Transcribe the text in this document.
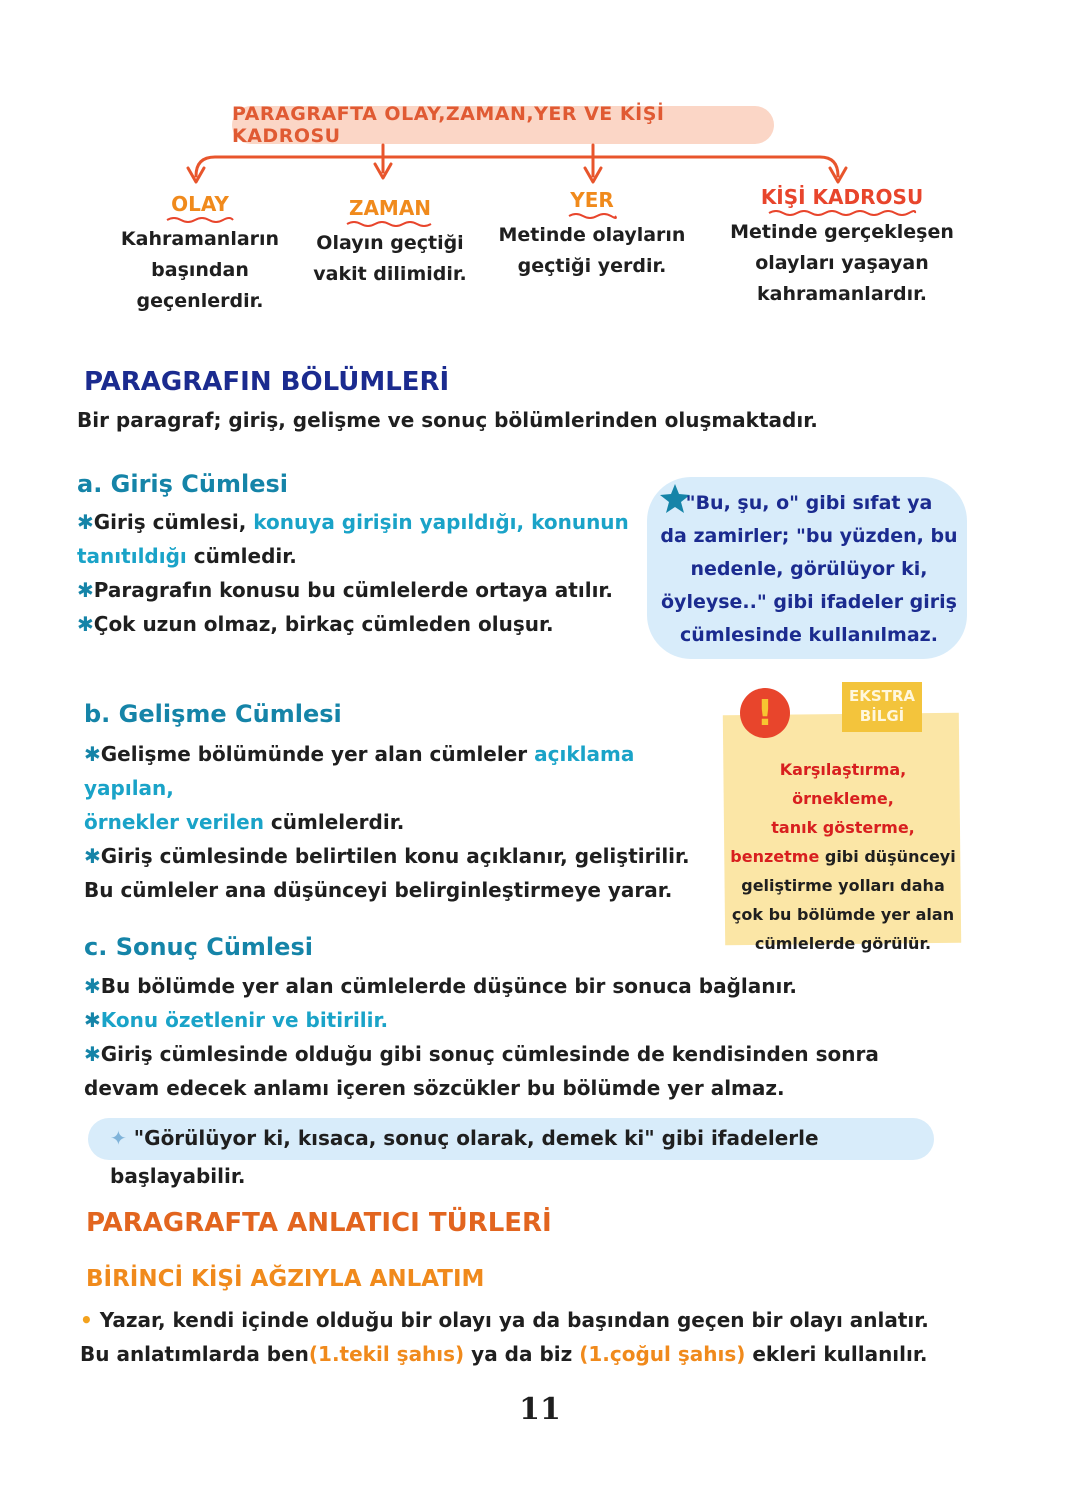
PARAGRAFTA OLAY,ZAMAN,YER VE KİŞİ KADROSU
OLAY
Kahramanların
başından
geçenlerdir.
ZAMAN
Olayın geçtiği
vakit dilimidir.
YER
Metinde olayların
geçtiği yerdir.
KİŞİ KADROSU
Metinde gerçekleşen
olayları yaşayan
kahramanlardır.
PARAGRAFIN BÖLÜMLERİ
Bir paragraf; giriş, gelişme ve sonuç bölümlerinden oluşmaktadır.
a. Giriş Cümlesi
✱Giriş cümlesi, konuya girişin yapıldığı, konunun
tanıtıldığı cümledir.
✱Paragrafın konusu bu cümlelerde ortaya atılır.
✱Çok uzun olmaz, birkaç cümleden oluşur.
"Bu, şu, o" gibi sıfat ya
da zamirler; "bu yüzden, bu
nedenle, görülüyor ki,
öyleyse.." gibi ifadeler giriş
cümlesinde kullanılmaz.
b. Gelişme Cümlesi
✱Gelişme bölümünde yer alan cümleler açıklama yapılan,
örnekler verilen cümlelerdir.
✱Giriş cümlesinde belirtilen konu açıklanır, geliştirilir.
Bu cümleler ana düşünceyi belirginleştirmeye yarar.
!	EKSTRA BİLGİ
Karşılaştırma, örnekleme,
tanık gösterme,
benzetme gibi düşünceyi
geliştirme yolları daha
çok bu bölümde yer alan
cümlelerde görülür.
c. Sonuç Cümlesi
✱Bu bölümde yer alan cümlelerde düşünce bir sonuca bağlanır.
✱Konu özetlenir ve bitirilir.
✱Giriş cümlesinde olduğu gibi sonuç cümlesinde de kendisinden sonra
devam edecek anlamı içeren sözcükler bu bölümde yer almaz.
✦ "Görülüyor ki, kısaca, sonuç olarak, demek ki" gibi ifadelerle başlayabilir.
PARAGRAFTA ANLATICI TÜRLERİ
BİRİNCİ KİŞİ AĞZIYLA ANLATIM
• Yazar, kendi içinde olduğu bir olayı ya da başından geçen bir olayı anlatır.
Bu anlatımlarda ben(1.tekil şahıs) ya da biz (1.çoğul şahıs) ekleri kullanılır.
11
